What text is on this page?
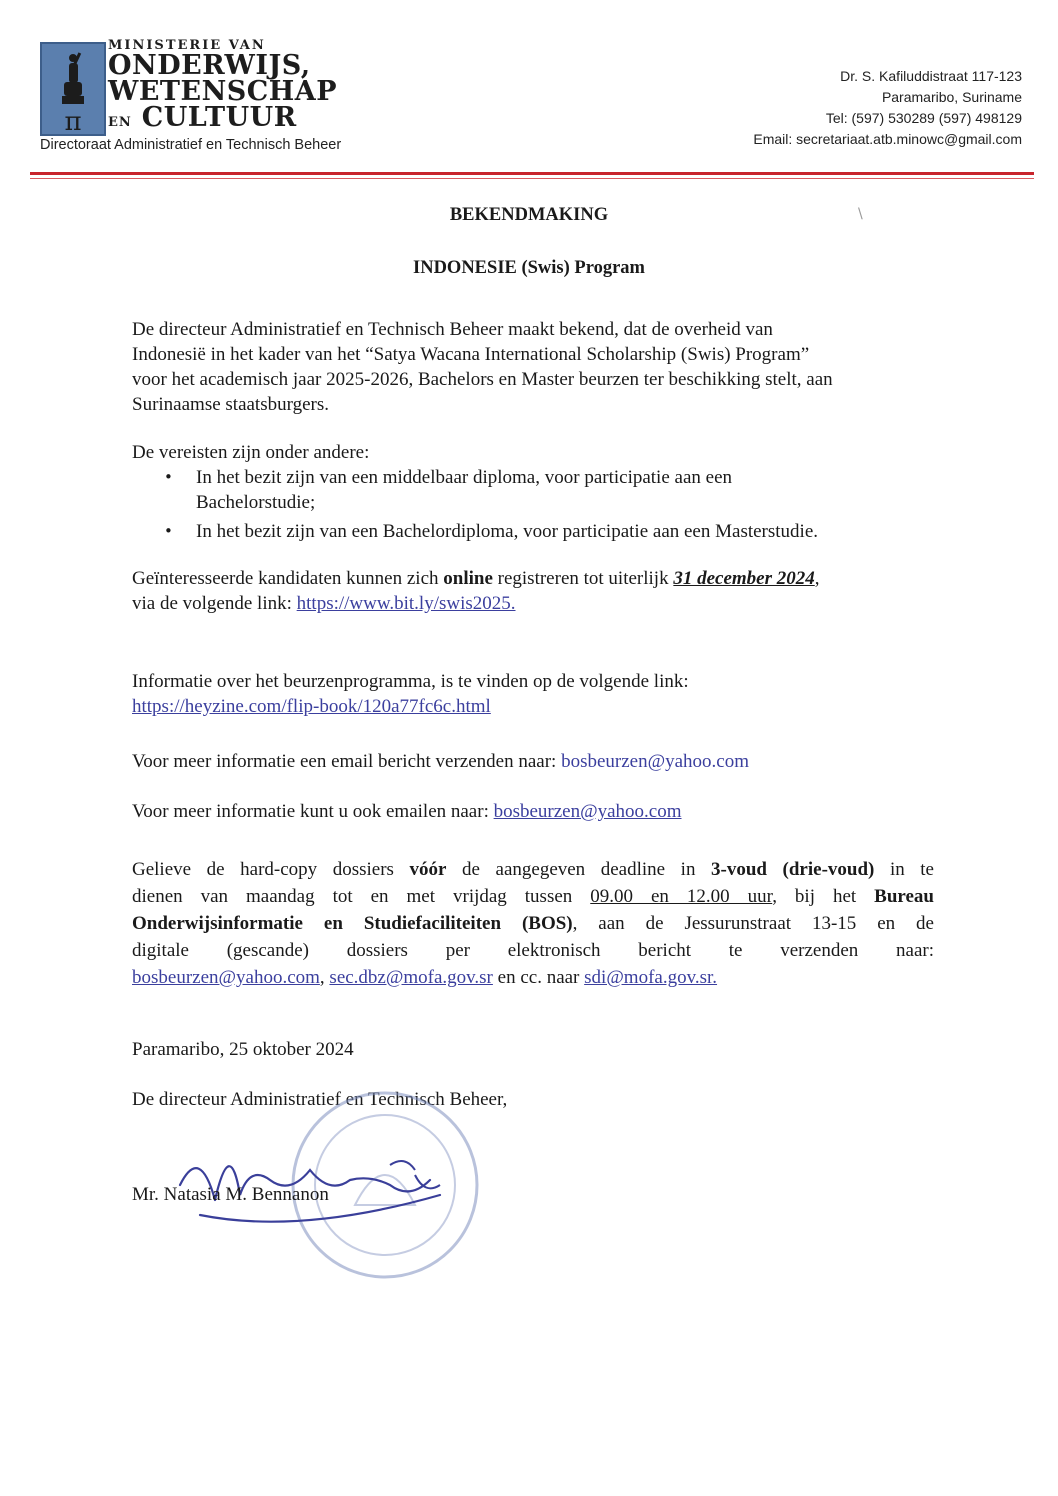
π
MINISTERIE VAN
ONDERWIJS,
WETENSCHAP
EN CULTUUR
Directoraat Administratief en Technisch Beheer
Dr. S. Kafiluddistraat 117-123
Paramaribo, Suriname
Tel: (597) 530289 (597) 498129
Email: secretariaat.atb.minowc@gmail.com
\
BEKENDMAKING
INDONESIE (Swis) Program
De directeur Administratief en Technisch Beheer maakt bekend, dat de overheid van
Indonesië in het kader van het “Satya Wacana International Scholarship (Swis) Program”
voor het academisch jaar 2025-2026, Bachelors en Master beurzen ter beschikking stelt, aan
Surinaamse staatsburgers.
De vereisten zijn onder andere:
• In het bezit zijn van een middelbaar diploma, voor participatie aan een
Bachelorstudie;
• In het bezit zijn van een Bachelordiploma, voor participatie aan een Masterstudie.
Geïnteresseerde kandidaten kunnen zich online registreren tot uiterlijk 31 december 2024,
via de volgende link: https://www.bit.ly/swis2025.
Informatie over het beurzenprogramma, is te vinden op de volgende link:
https://heyzine.com/flip-book/120a77fc6c.html
Voor meer informatie een email bericht verzenden naar: bosbeurzen@yahoo.com
Voor meer informatie kunt u ook emailen naar: bosbeurzen@yahoo.com
Gelieve de hard-copy dossiers vóór de aangegeven deadline in 3-voud (drie-voud) in te
dienen van maandag tot en met vrijdag tussen 09.00 en 12.00 uur, bij het Bureau
Onderwijsinformatie en Studiefaciliteiten (BOS), aan de Jessurunstraat 13-15 en de
digitale (gescande) dossiers per elektronisch bericht te verzenden naar:
bosbeurzen@yahoo.com, sec.dbz@mofa.gov.sr en cc. naar sdi@mofa.gov.sr.
Paramaribo, 25 oktober 2024
De directeur Administratief en Technisch Beheer,
Mr. Natasia M. Bennanon
